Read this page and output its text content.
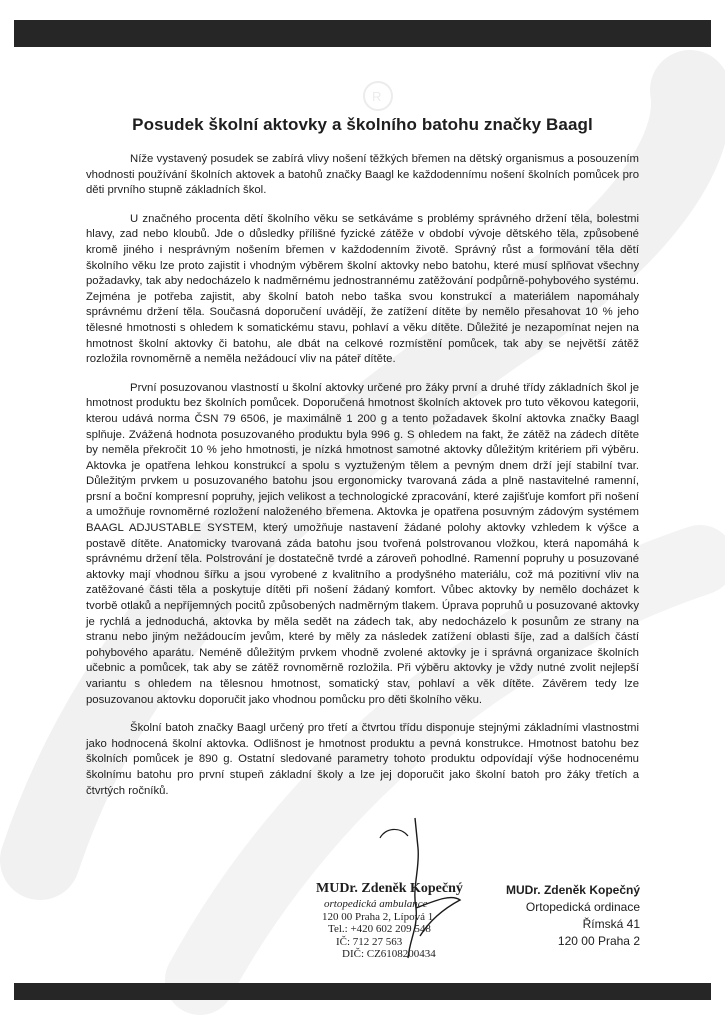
R
Posudek školní aktovky a školního batohu značky Baagl

Níže vystavený posudek se zabírá vlivy nošení těžkých břemen na dětský organismus a posouzením vhodnosti používání školních aktovek a batohů značky Baagl ke každodennímu nošení školních pomůcek pro děti prvního stupně základních škol.

U značného procenta dětí školního věku se setkáváme s problémy správného držení těla, bolestmi hlavy, zad nebo kloubů. Jde o důsledky přílišné fyzické zátěže v období vývoje dětského těla, způsobené kromě jiného i nesprávným nošením břemen v každodenním životě. Správný růst a formování těla dětí školního věku lze proto zajistit i vhodným výběrem školní aktovky nebo batohu, které musí splňovat všechny požadavky, tak aby nedocházelo k nadměrnému jednostrannému zatěžování podpůrně-pohybového systému. Zejména je potřeba zajistit, aby školní batoh nebo taška svou konstrukcí a materiálem napomáhaly správnému držení těla. Současná doporučení uvádějí, že zatížení dítěte by nemělo přesahovat 10 % jeho tělesné hmotnosti s ohledem k somatickému stavu, pohlaví a věku dítěte. Důležité je nezapomínat nejen na hmotnost školní aktovky či batohu, ale dbát na celkové rozmístění pomůcek, tak aby se největší zátěž rozložila rovnoměrně a neměla nežádoucí vliv na páteř dítěte.

První posuzovanou vlastností u školní aktovky určené pro žáky první a druhé třídy základních škol je hmotnost produktu bez školních pomůcek. Doporučená hmotnost školních aktovek pro tuto věkovou kategorii, kterou udává norma ČSN 79 6506, je maximálně 1 200 g a tento požadavek školní aktovka značky Baagl splňuje. Zvážená hodnota posuzovaného produktu byla 996 g. S ohledem na fakt, že zátěž na zádech dítěte by neměla překročit 10 % jeho hmotnosti, je nízká hmotnost samotné aktovky důležitým kritériem při výběru. Aktovka je opatřena lehkou konstrukcí a spolu s vyztuženým tělem a pevným dnem drží její stabilní tvar. Důležitým prvkem u posuzovaného batohu jsou ergonomicky tvarovaná záda a plně nastavitelné ramenní, prsní a boční kompresní popruhy, jejich velikost a technologické zpracování, které zajišťuje komfort při nošení a umožňuje rovnoměrné rozložení naloženého břemena. Aktovka je opatřena posuvným zádovým systémem BAAGL ADJUSTABLE SYSTEM, který umožňuje nastavení žádané polohy aktovky vzhledem k výšce a postavě dítěte. Anatomicky tvarovaná záda batohu jsou tvořená polstrovanou vložkou, která napomáhá k správnému držení těla. Polstrování je dostatečně tvrdé a zároveň pohodlné. Ramenní popruhy u posuzované aktovky mají vhodnou šířku a jsou vyrobené z kvalitního a prodyšného materiálu, což má pozitivní vliv na zatěžované části těla a poskytuje dítěti při nošení žádaný komfort. Vůbec aktovky by nemělo docházet k tvorbě otlaků a nepříjemných pocitů způsobených nadměrným tlakem. Úprava popruhů u posuzované aktovky je rychlá a jednoduchá, aktovka by měla sedět na zádech tak, aby nedocházelo k posunům ze strany na stranu nebo jiným nežádoucím jevům, které by měly za následek zatížení oblasti šíje, zad a dalších částí pohybového aparátu. Neméně důležitým prvkem vhodně zvolené aktovky je i správná organizace školních učebnic a pomůcek, tak aby se zátěž rovnoměrně rozložila. Při výběru aktovky je vždy nutné zvolit nejlepší variantu s ohledem na tělesnou hmotnost, somatický stav, pohlaví a věk dítěte. Závěrem tedy lze posuzovanou aktovku doporučit jako vhodnou pomůcku pro děti školního věku.

Školní batoh značky Baagl určený pro třetí a čtvrtou třídu disponuje stejnými základními vlastnostmi jako hodnocená školní aktovka. Odlišnost je hmotnost produktu a pevná konstrukce. Hmotnost batohu bez školních pomůcek je 890 g. Ostatní sledované parametry tohoto produktu odpovídají výše hodnocenému školnímu batohu pro první stupeň základní školy a lze jej doporučit jako školní batoh pro žáky třetích a čtvrtých ročníků.

MUDr. Zdeněk Kopečný
ortopedická ambulance
120 00 Praha 2, Lípová 1
Tel.: +420 602 209 548
IČ: 712 27 563
DIČ: CZ6108200434
MUDr. Zdeněk Kopečný
Ortopedická ordinace
Římská 41
120 00 Praha 2
